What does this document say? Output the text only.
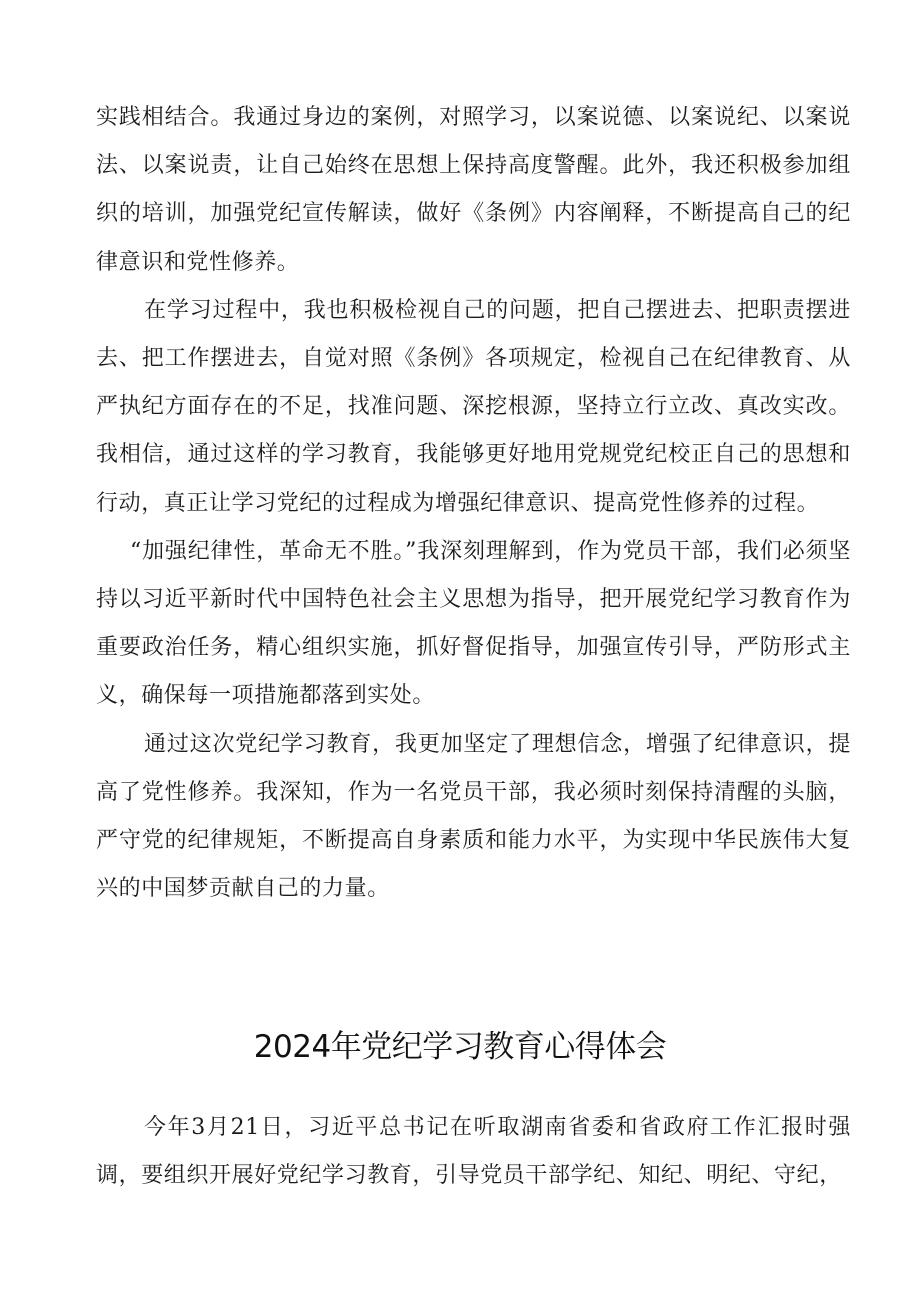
实践相结合。我通过身边的案例，对照学习，以案说德、以案说纪、以案说法、以案说责，让自己始终在思想上保持高度警醒。此外，我还积极参加组织的培训，加强党纪宣传解读，做好《条例》内容阐释，不断提高自己的纪律意识和党性修养。

在学习过程中，我也积极检视自己的问题，把自己摆进去、把职责摆进去、把工作摆进去，自觉对照《条例》各项规定，检视自己在纪律教育、从严执纪方面存在的不足，找准问题、深挖根源，坚持立行立改、真改实改。我相信，通过这样的学习教育，我能够更好地用党规党纪校正自己的思想和行动，真正让学习党纪的过程成为增强纪律意识、提高党性修养的过程。

“加强纪律性，革命无不胜。”我深刻理解到，作为党员干部，我们必须坚持以习近平新时代中国特色社会主义思想为指导，把开展党纪学习教育作为重要政治任务，精心组织实施，抓好督促指导，加强宣传引导，严防形式主义，确保每一项措施都落到实处。

通过这次党纪学习教育，我更加坚定了理想信念，增强了纪律意识，提高了党性修养。我深知，作为一名党员干部，我必须时刻保持清醒的头脑，严守党的纪律规矩，不断提高自身素质和能力水平，为实现中华民族伟大复兴的中国梦贡献自己的力量。

2024年党纪学习教育心得体会

今年3月21日，习近平总书记在听取湖南省委和省政府工作汇报时强调，要组织开展好党纪学习教育，引导党员干部学纪、知纪、明纪、守纪，
